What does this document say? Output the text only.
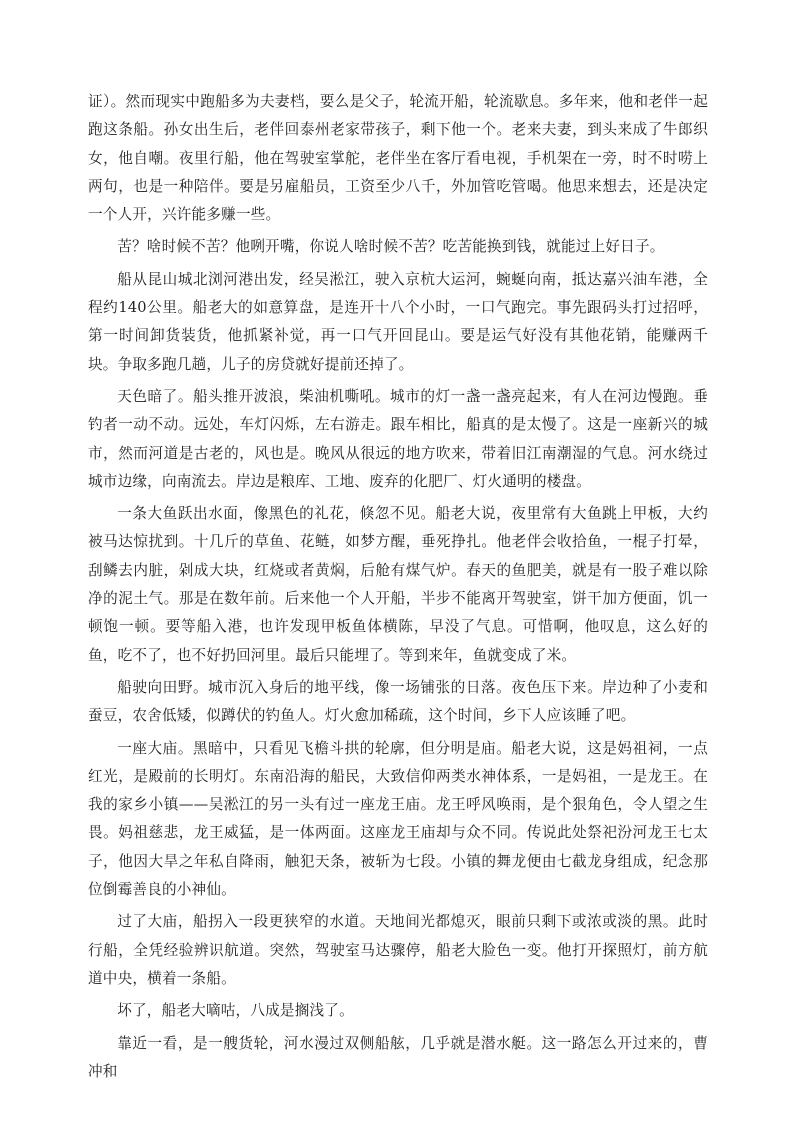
证）。然而现实中跑船多为夫妻档，要么是父子，轮流开船，轮流歇息。多年来，他和老伴一起跑这条船。孙女出生后，老伴回泰州老家带孩子，剩下他一个。老来夫妻，到头来成了牛郎织女，他自嘲。夜里行船，他在驾驶室掌舵，老伴坐在客厅看电视，手机架在一旁，时不时唠上两句，也是一种陪伴。要是另雇船员，工资至少八千，外加管吃管喝。他思来想去，还是决定一个人开，兴许能多赚一些。

苦？啥时候不苦？他咧开嘴，你说人啥时候不苦？吃苦能换到钱，就能过上好日子。

船从昆山城北浏河港出发，经吴淞江，驶入京杭大运河，蜿蜒向南，抵达嘉兴油车港，全程约140公里。船老大的如意算盘，是连开十八个小时，一口气跑完。事先跟码头打过招呼，第一时间卸货装货，他抓紧补觉，再一口气开回昆山。要是运气好没有其他花销，能赚两千块。争取多跑几趟，儿子的房贷就好提前还掉了。

天色暗了。船头推开波浪，柴油机嘶吼。城市的灯一盏一盏亮起来，有人在河边慢跑。垂钓者一动不动。远处，车灯闪烁，左右游走。跟车相比，船真的是太慢了。这是一座新兴的城市，然而河道是古老的，风也是。晚风从很远的地方吹来，带着旧江南潮湿的气息。河水绕过城市边缘，向南流去。岸边是粮库、工地、废弃的化肥厂、灯火通明的楼盘。

一条大鱼跃出水面，像黑色的礼花，倏忽不见。船老大说，夜里常有大鱼跳上甲板，大约被马达惊扰到。十几斤的草鱼、花鲢，如梦方醒，垂死挣扎。他老伴会收拾鱼，一棍子打晕，刮鳞去内脏，剁成大块，红烧或者黄焖，后舱有煤气炉。春天的鱼肥美，就是有一股子难以除净的泥土气。那是在数年前。后来他一个人开船，半步不能离开驾驶室，饼干加方便面，饥一顿饱一顿。要等船入港，也许发现甲板鱼体横陈，早没了气息。可惜啊，他叹息，这么好的鱼，吃不了，也不好扔回河里。最后只能埋了。等到来年，鱼就变成了米。

船驶向田野。城市沉入身后的地平线，像一场铺张的日落。夜色压下来。岸边种了小麦和蚕豆，农舍低矮，似蹲伏的钓鱼人。灯火愈加稀疏，这个时间，乡下人应该睡了吧。

一座大庙。黑暗中，只看见飞檐斗拱的轮廓，但分明是庙。船老大说，这是妈祖祠，一点红光，是殿前的长明灯。东南沿海的船民，大致信仰两类水神体系，一是妈祖，一是龙王。在我的家乡小镇——吴淞江的另一头有过一座龙王庙。龙王呼风唤雨，是个狠角色，令人望之生畏。妈祖慈悲，龙王威猛，是一体两面。这座龙王庙却与众不同。传说此处祭祀汾河龙王七太子，他因大旱之年私自降雨，触犯天条，被斩为七段。小镇的舞龙便由七截龙身组成，纪念那位倒霉善良的小神仙。

过了大庙，船拐入一段更狭窄的水道。天地间光都熄灭，眼前只剩下或浓或淡的黑。此时行船，全凭经验辨识航道。突然，驾驶室马达骤停，船老大脸色一变。他打开探照灯，前方航道中央，横着一条船。

坏了，船老大嘀咕，八成是搁浅了。

靠近一看，是一艘货轮，河水漫过双侧船舷，几乎就是潜水艇。这一路怎么开过来的，曹冲和
